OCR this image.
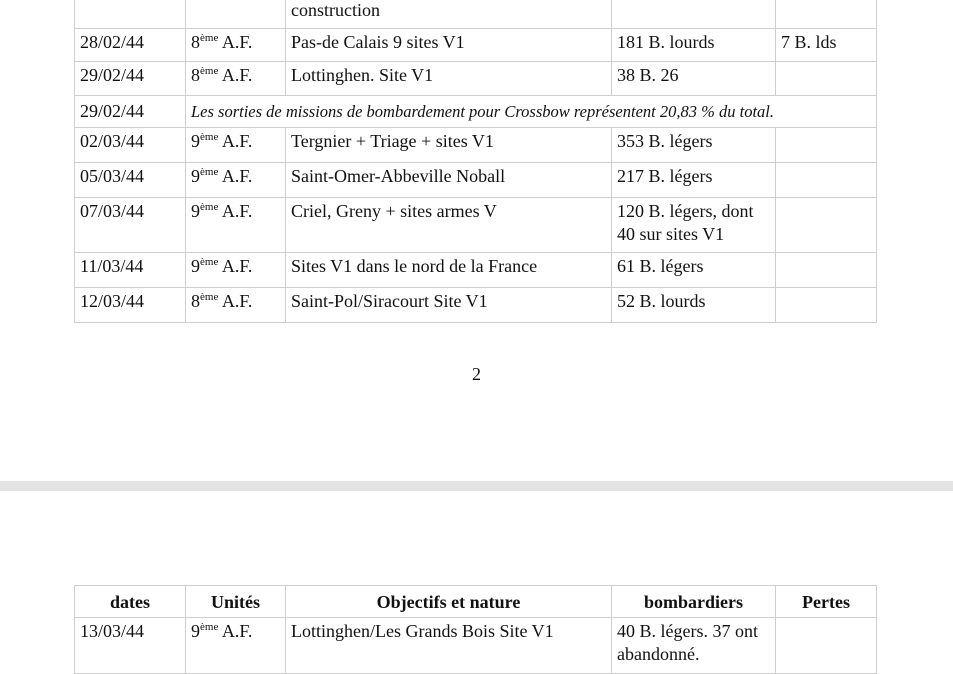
		construction		
28/02/44	8ème A.F.	Pas-de Calais 9 sites V1	181 B. lourds	7 B. lds
29/02/44	8ème A.F.	Lottinghen. Site V1	38 B. 26	
29/02/44	Les sorties de missions de bombardement pour Crossbow représentent 20,83 % du total.			
02/03/44	9ème A.F.	Tergnier + Triage + sites V1	353 B. légers	
05/03/44	9ème A.F.	Saint-Omer-Abbeville Noball	217 B. légers	
07/03/44	9ème A.F.	Criel, Greny + sites armes V	120 B. légers, dont 40 sur sites V1	
11/03/44	9ème A.F.	Sites V1 dans le nord de la France	61 B. légers	
12/03/44	8ème A.F.	Saint-Pol/Siracourt Site V1	52 B. lourds	
2
dates	Unités	Objectifs et nature	bombardiers	Pertes
13/03/44	9ème A.F.	Lottinghen/Les Grands Bois Site V1	40 B. légers. 37 ont abandonné.	
